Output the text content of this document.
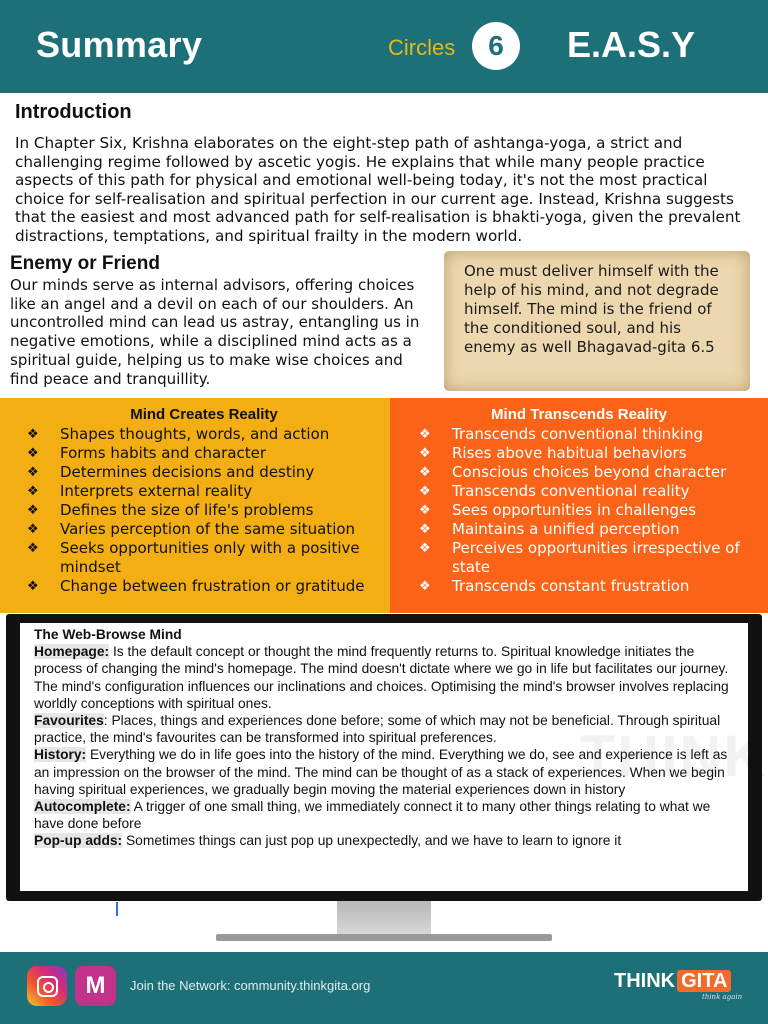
Summary	Circles	6	E.A.S.Y
Introduction
In Chapter Six, Krishna elaborates on the eight-step path of ashtanga-yoga, a strict and challenging regime followed by ascetic yogis. He explains that while many people practice aspects of this path for physical and emotional well-being today, it's not the most practical choice for self-realisation and spiritual perfection in our current age. Instead, Krishna suggests that the easiest and most advanced path for self-realisation is bhakti-yoga, given the prevalent distractions, temptations, and spiritual frailty in the modern world.
Enemy or Friend
Our minds serve as internal advisors, offering choices like an angel and a devil on each of our shoulders. An uncontrolled mind can lead us astray, entangling us in negative emotions, while a disciplined mind acts as a spiritual guide, helping us to make wise choices and find peace and tranquillity.
One must deliver himself with the help of his mind, and not degrade himself. The mind is the friend of the conditioned soul, and his enemy as well Bhagavad-gita 6.5
Mind Creates Reality
❖ Shapes thoughts, words, and action
❖ Forms habits and character
❖ Determines decisions and destiny
❖ Interprets external reality
❖ Defines the size of life's problems
❖ Varies perception of the same situation
❖ Seeks opportunities only with a positive mindset
❖ Change between frustration or gratitude
Mind Transcends Reality
❖ Transcends conventional thinking
❖ Rises above habitual behaviors
❖ Conscious choices beyond character
❖ Transcends conventional reality
❖ Sees opportunities in challenges
❖ Maintains a unified perception
❖ Perceives opportunities irrespective of state
❖ Transcends constant frustration
THINK
The Web-Browse Mind
Homepage: Is the default concept or thought the mind frequently returns to. Spiritual knowledge initiates the process of changing the mind's homepage. The mind doesn't dictate where we go in life but facilitates our journey. The mind's configuration influences our inclinations and choices. Optimising the mind's browser involves replacing worldly conceptions with spiritual ones.
Favourites: Places, things and experiences done before; some of which may not be beneficial. Through spiritual practice, the mind's favourites can be transformed into spiritual preferences.
History: Everything we do in life goes into the history of the mind. Everything we do, see and experience is left as an impression on the browser of the mind. The mind can be thought of as a stack of experiences. When we begin having spiritual experiences, we gradually begin moving the material experiences down in history
Autocomplete: A trigger of one small thing, we immediately connect it to many other things relating to what we have done before
Pop-up adds: Sometimes things can just pop up unexpectedly, and we have to learn to ignore it
M	Join the Network: community.thinkgita.org	THINK GITA
think again
